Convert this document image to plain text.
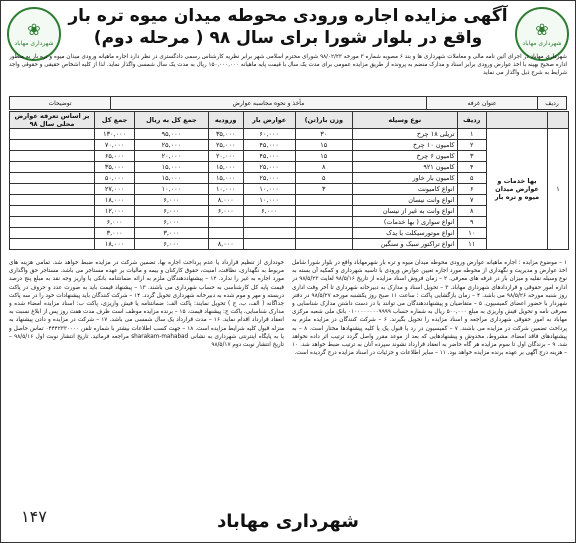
❀
شهرداری مهاباد
❀
شهرداری مهاباد
آگهی مزایده اجاره ورودی محوطه میدان میوه تره بار
واقع در بلوار شورا برای سال ۹۸ ( مرحله دوم)
شهرداری مهاباد در اجرای آئین نامه مالی و معاملات شهرداری ها و بند ۶ مصوبه شماره ۳ مورخه ۹۸/۰۲/۲۳ شورای محترم اسلامی شهر برابر نظریه کارشناس رسمی دادگستری در نظر دارد اجاره ماهیانه ورودی میدان میوه و تره بار به منظور اداره صحیح بهینه با اخذ عوارض ورودی برابر اسناد و مدارک منضم به پرونده از طریق مزایده عمومی برای مدت یک سال با قیمت پایه ماهیانه ۱۵۰,۰۰۰,۰۰۰ ریال به مدت یک سال شمسی واگذار نماید. لذا از کلیه اشخاص حقیقی و حقوقی واجد شرایط به شرح ذیل واگذار می نماید
ردیف
عنوان غرفه
مأخذ و نحوه محاسبه عوارض
توضیحات
		ردیف	نوع وسیله	وزن بار(تن)	عوارض بار	ورودیه	جمع کل به ریال	جمع کل	بر اساس تعرفه عوارض محلی سال ۹۸
۱	بها خدمات و عوارض میدان میوه و تره بار	۱	تریلی ۱۸ چرخ	۳۰	۶۰,۰۰۰	۳۵,۰۰۰	۹۵,۰۰۰	۱۳۰,۰۰۰	
		۲	کامیون ۱۰ چرخ	۱۵	۴۵,۰۰۰	۲۵,۰۰۰	۲۵,۰۰۰	۷۰,۰۰۰	
		۳	کامیون ۶ چرخ	۱۵	۴۵,۰۰۰	۲۰,۰۰۰	۲۰,۰۰۰	۶۵,۰۰۰	
		۴	کامیون ۹۲۱	۸	۲۵,۰۰۰	۱۵,۰۰۰	۱۵,۰۰۰	۳۵,۰۰۰	
		۵	کامیون بار خاور	۵	۲۵,۰۰۰	۱۵,۰۰۰	۱۵,۰۰۰	۵۰,۰۰۰	
		۶	انواع کامیونت	۳	۱۰,۰۰۰	۱۰,۰۰۰	۱۰,۰۰۰	۲۷,۰۰۰	
		۷	انواع وانت نیسان		۱۰,۰۰۰	۸,۰۰۰	۶,۰۰۰	۱۸,۰۰۰	
		۸	انواع وانت به غیر از نیسان		۶,۰۰۰	۶,۰۰۰	۶,۰۰۰	۱۲,۰۰۰	
		۹	انواع سواری ( بها خدمات)				۶,۰۰۰	۶,۰۰۰	
		۱۰	انواع موتورسیکلت با یدک				۳,۰۰۰	۳,۰۰۰	
		۱۱	انواع تراکتور سبک و سنگین			۸,۰۰۰	۶,۰۰۰	۱۸,۰۰۰	
۱ – موضوع مزایده : اجاره ماهیانه عوارض ورودی محوطه میدان میوه و تره بار شهرمهاباد واقع در بلوار شورا شامل اخذ عوارض و مدیریت و نگهداری از محوطه مورد اجاره تعیین عوارض ورودی با تاسیه شهرداری و کمکیه آن بسته به نوع وسیله نقلیه و میزان بار در غرفه های معرفی. ۲ – زمان فروش اسناد مزایده از تاریخ ۹۸/۵/۱۶ لغایت ۹۸/۵/۲۳ در اداره امور حقوقی و قراردادهای شهرداری مهاباد. ۳ – تحویل اسناد و مدارک به دبیرخانه شهرداری تا آخر وقت اداری روز شنبه مورخه ۹۸/۵/۲۶ می باشد. ۴ – زمان بازگشایی پاکت : ساعت ۱۱ صبح روز یکشنبه مورخه ۹۸/۵/۲۷ در دفتر شهردار با حضور اعضای کمیسیون. ۵ – متقاضیان و پیشنهاددهندگان می توانند با در دست داشتن مدارک شناسایی و معرفی نامه و تحویل فیش واریزی به مبلغ ۵۰۰,۰۰۰ ریال به شماره حساب ۰۱۰۰۰۰۰۰۰۰۹۹۹۹ بانک ملی شعبه مرکزی مهاباد به امور حقوقی شهرداری مراجعه و اسناد مزایده را تحویل بگیرند. ۶ – شرکت کنندگان در مزایده ملزم به پرداخت تضمین شرکت در مزایده می باشند. ۷ – کمیسیون در رد یا قبول یک یا کلیه پیشنهادها مختار است. ۸ – به پیشنهادهای فاقد امضاء، مشروط، مخدوش و پیشنهادهایی که بعد از موعد مقرر واصل گردد ترتیب اثر داده نخواهد شد. ۹ – برندگان اول تا سوم مزایده هر گاه حاضر به انعقاد قرارداد نشوند سپرده آنان به ترتیب ضبط خواهد شد. ۱۰ – هزینه درج آگهی بر عهده برنده مزایده خواهد بود. ۱۱ – سایر اطلاعات و جزئیات در اسناد مزایده درج گردیده است.
خودداری از تنظیم قرارداد یا عدم پرداخت اجاره بها، تضمین شرکت در مزایده ضبط خواهد شد. تمامی هزینه های مربوط به نگهداری، نظافت، امنیت، حقوق کارکنان و بیمه و مالیات بر عهده مستاجر می باشد. مستاجر حق واگذاری مورد اجاره به غیر را ندارد. ۱۲ – پیشنهاددهندگان ملزم به ارائه ضمانتنامه بانکی یا واریز وجه نقد به مبلغ پنج درصد قیمت پایه کل کارشناسی به حساب شهرداری می باشند. ۱۳ – پیشنهاد قیمت باید به صورت عدد و حروف در پاکت دربسته و مهر و موم شده به دبیرخانه شهرداری تحویل گردد. ۱۴ – شرکت کنندگان باید پیشنهادات خود را در سه پاکت جداگانه ( الف، ب، ج ) تحویل نمایند: پاکت الف: ضمانتنامه یا فیش واریزی، پاکت ب: اسناد مزایده امضاء شده و مدارک شناسایی، پاکت ج: پیشنهاد قیمت. ۱۵ – برنده مزایده موظف است ظرف مدت هفت روز پس از ابلاغ نسبت به انعقاد قرارداد اقدام نماید. ۱۶ – مدت قرارداد یک سال شمسی می باشد. ۱۷ – شرکت در مزایده و دادن پیشنهاد به منزله قبول کلیه شرایط مزایده است. ۱۸ – جهت کسب اطلاعات بیشتر با شماره تلفن ۰۴۴۴۲۳۳۰۰۰۰ تماس حاصل و یا به پایگاه اینترنتی شهرداری به نشانی sharakam-mahabad مراجعه فرمائید. تاریخ انتشار نوبت اول ۹۸/۵/۱۶ – تاریخ انتشار نوبت دوم ۹۸/۵/۱۷
شهرداری مهاباد
۱۴۷
